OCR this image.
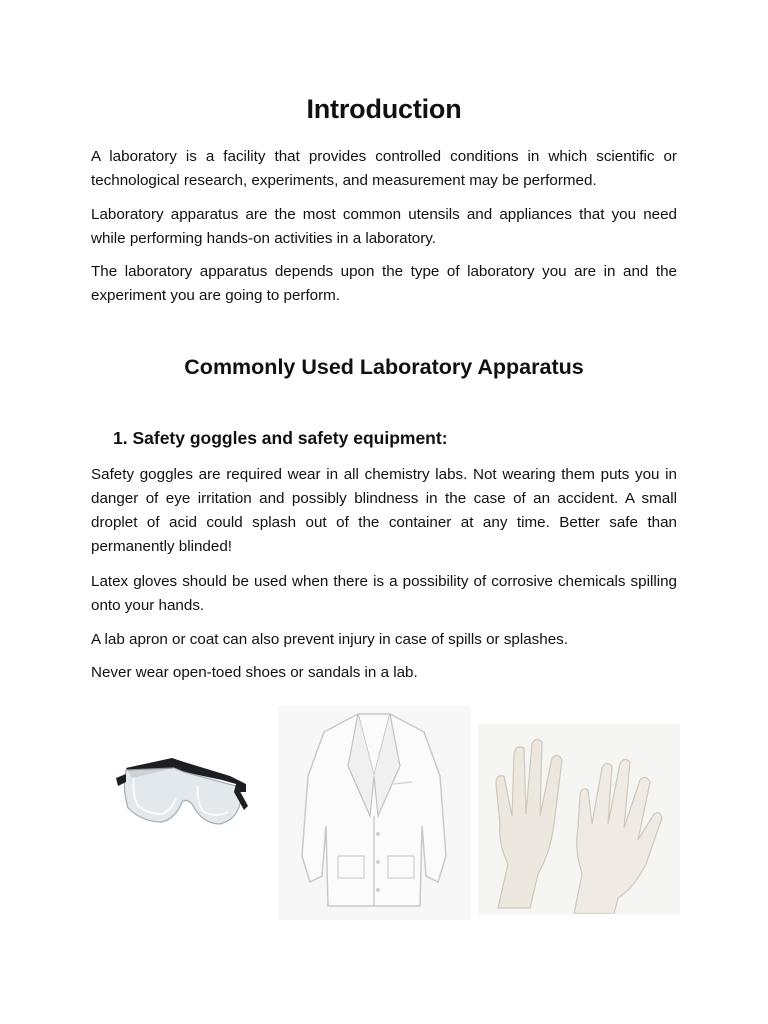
Introduction

A laboratory is a facility that provides controlled conditions in which scientific or technological research, experiments, and measurement may be performed.

Laboratory apparatus are the most common utensils and appliances that you need while performing hands-on activities in a laboratory.

The laboratory apparatus depends upon the type of laboratory you are in and the experiment you are going to perform.

Commonly Used Laboratory Apparatus
1. Safety goggles and safety equipment:

Safety goggles are required wear in all chemistry labs. Not wearing them puts you in danger of eye irritation and possibly blindness in the case of an accident. A small droplet of acid could splash out of the container at any time. Better safe than permanently blinded!

Latex gloves should be used when there is a possibility of corrosive chemicals spilling onto your hands.

A lab apron or coat can also prevent injury in case of spills or splashes.

Never wear open-toed shoes or sandals in a lab.
